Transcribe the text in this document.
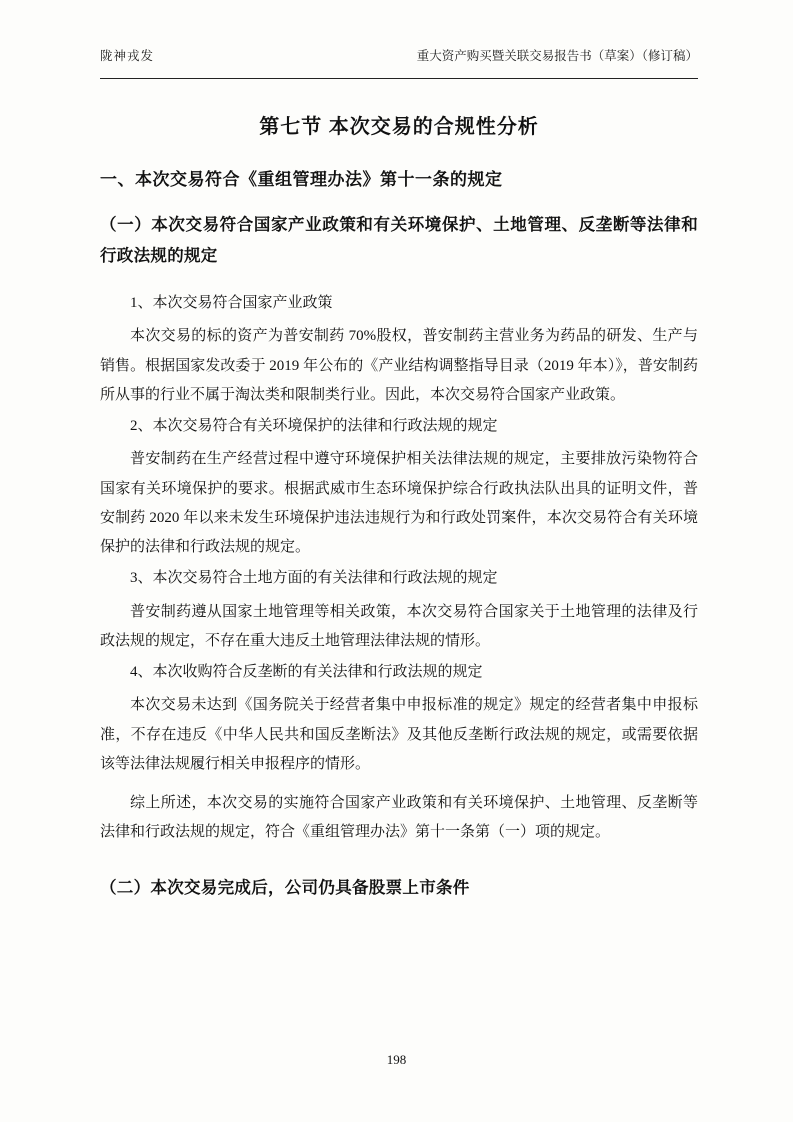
陇神戎发	重大资产购买暨关联交易报告书（草案）（修订稿）
第七节 本次交易的合规性分析
一、本次交易符合《重组管理办法》第十一条的规定
（一）本次交易符合国家产业政策和有关环境保护、土地管理、反垄断等法律和行政法规的规定
1、本次交易符合国家产业政策

本次交易的标的资产为普安制药 70%股权，普安制药主营业务为药品的研发、生产与销售。根据国家发改委于 2019 年公布的《产业结构调整指导目录（2019 年本）》，普安制药所从事的行业不属于淘汰类和限制类行业。因此，本次交易符合国家产业政策。

2、本次交易符合有关环境保护的法律和行政法规的规定

普安制药在生产经营过程中遵守环境保护相关法律法规的规定，主要排放污染物符合国家有关环境保护的要求。根据武威市生态环境保护综合行政执法队出具的证明文件，普安制药 2020 年以来未发生环境保护违法违规行为和行政处罚案件，本次交易符合有关环境保护的法律和行政法规的规定。

3、本次交易符合土地方面的有关法律和行政法规的规定

普安制药遵从国家土地管理等相关政策，本次交易符合国家关于土地管理的法律及行政法规的规定，不存在重大违反土地管理法律法规的情形。

4、本次收购符合反垄断的有关法律和行政法规的规定

本次交易未达到《国务院关于经营者集中申报标准的规定》规定的经营者集中申报标准，不存在违反《中华人民共和国反垄断法》及其他反垄断行政法规的规定，或需要依据该等法律法规履行相关申报程序的情形。

综上所述，本次交易的实施符合国家产业政策和有关环境保护、土地管理、反垄断等法律和行政法规的规定，符合《重组管理办法》第十一条第（一）项的规定。

（二）本次交易完成后，公司仍具备股票上市条件
198
